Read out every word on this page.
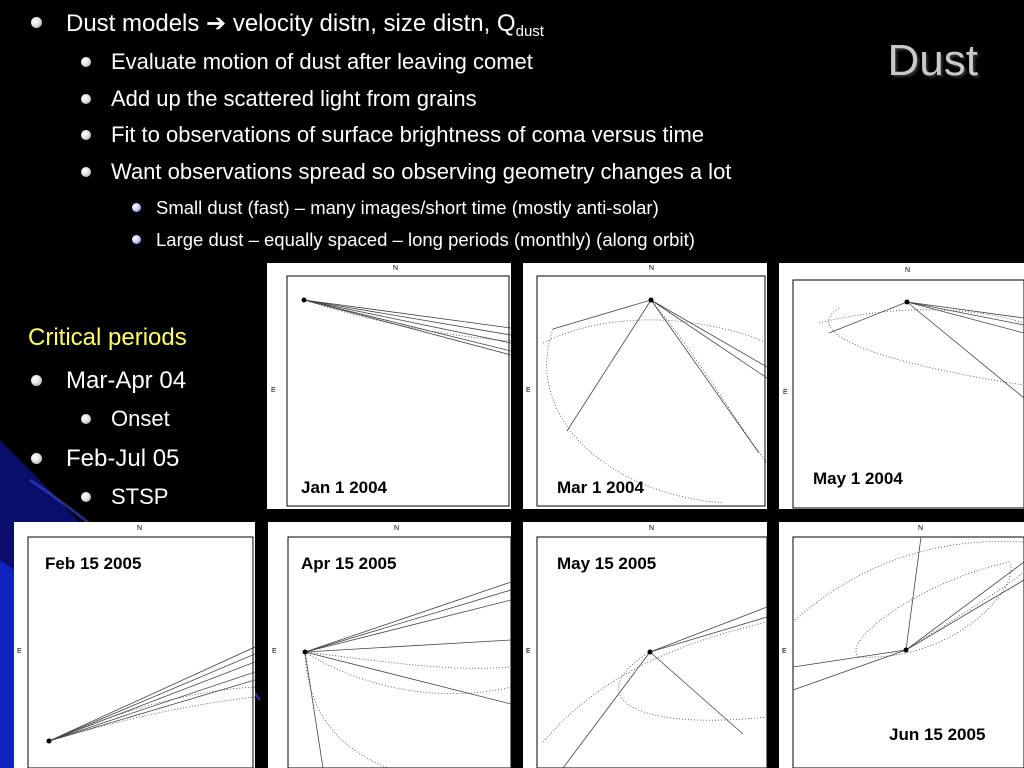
Dust
Dust models ➔ velocity distn, size distn, $Q_{dust}$
Evaluate motion of dust after leaving comet
Add up the scattered light from grains
Fit to observations of surface brightness of coma versus time
Want observations spread so observing geometry changes a lot
Small dust (fast) – many images/short time (mostly anti-solar)
Large dust – equally spaced – long periods (monthly) (along orbit)
Critical periods
Mar-Apr 04
Onset
Feb-Jul 05
STSP
N
E
Jan 1 2004
N
E
Mar 1 2004
N
E
May 1 2004
N
E
Feb 15 2005
N
E
Apr 15 2005
N
E
May 15 2005
N
E
Jun 15 2005
